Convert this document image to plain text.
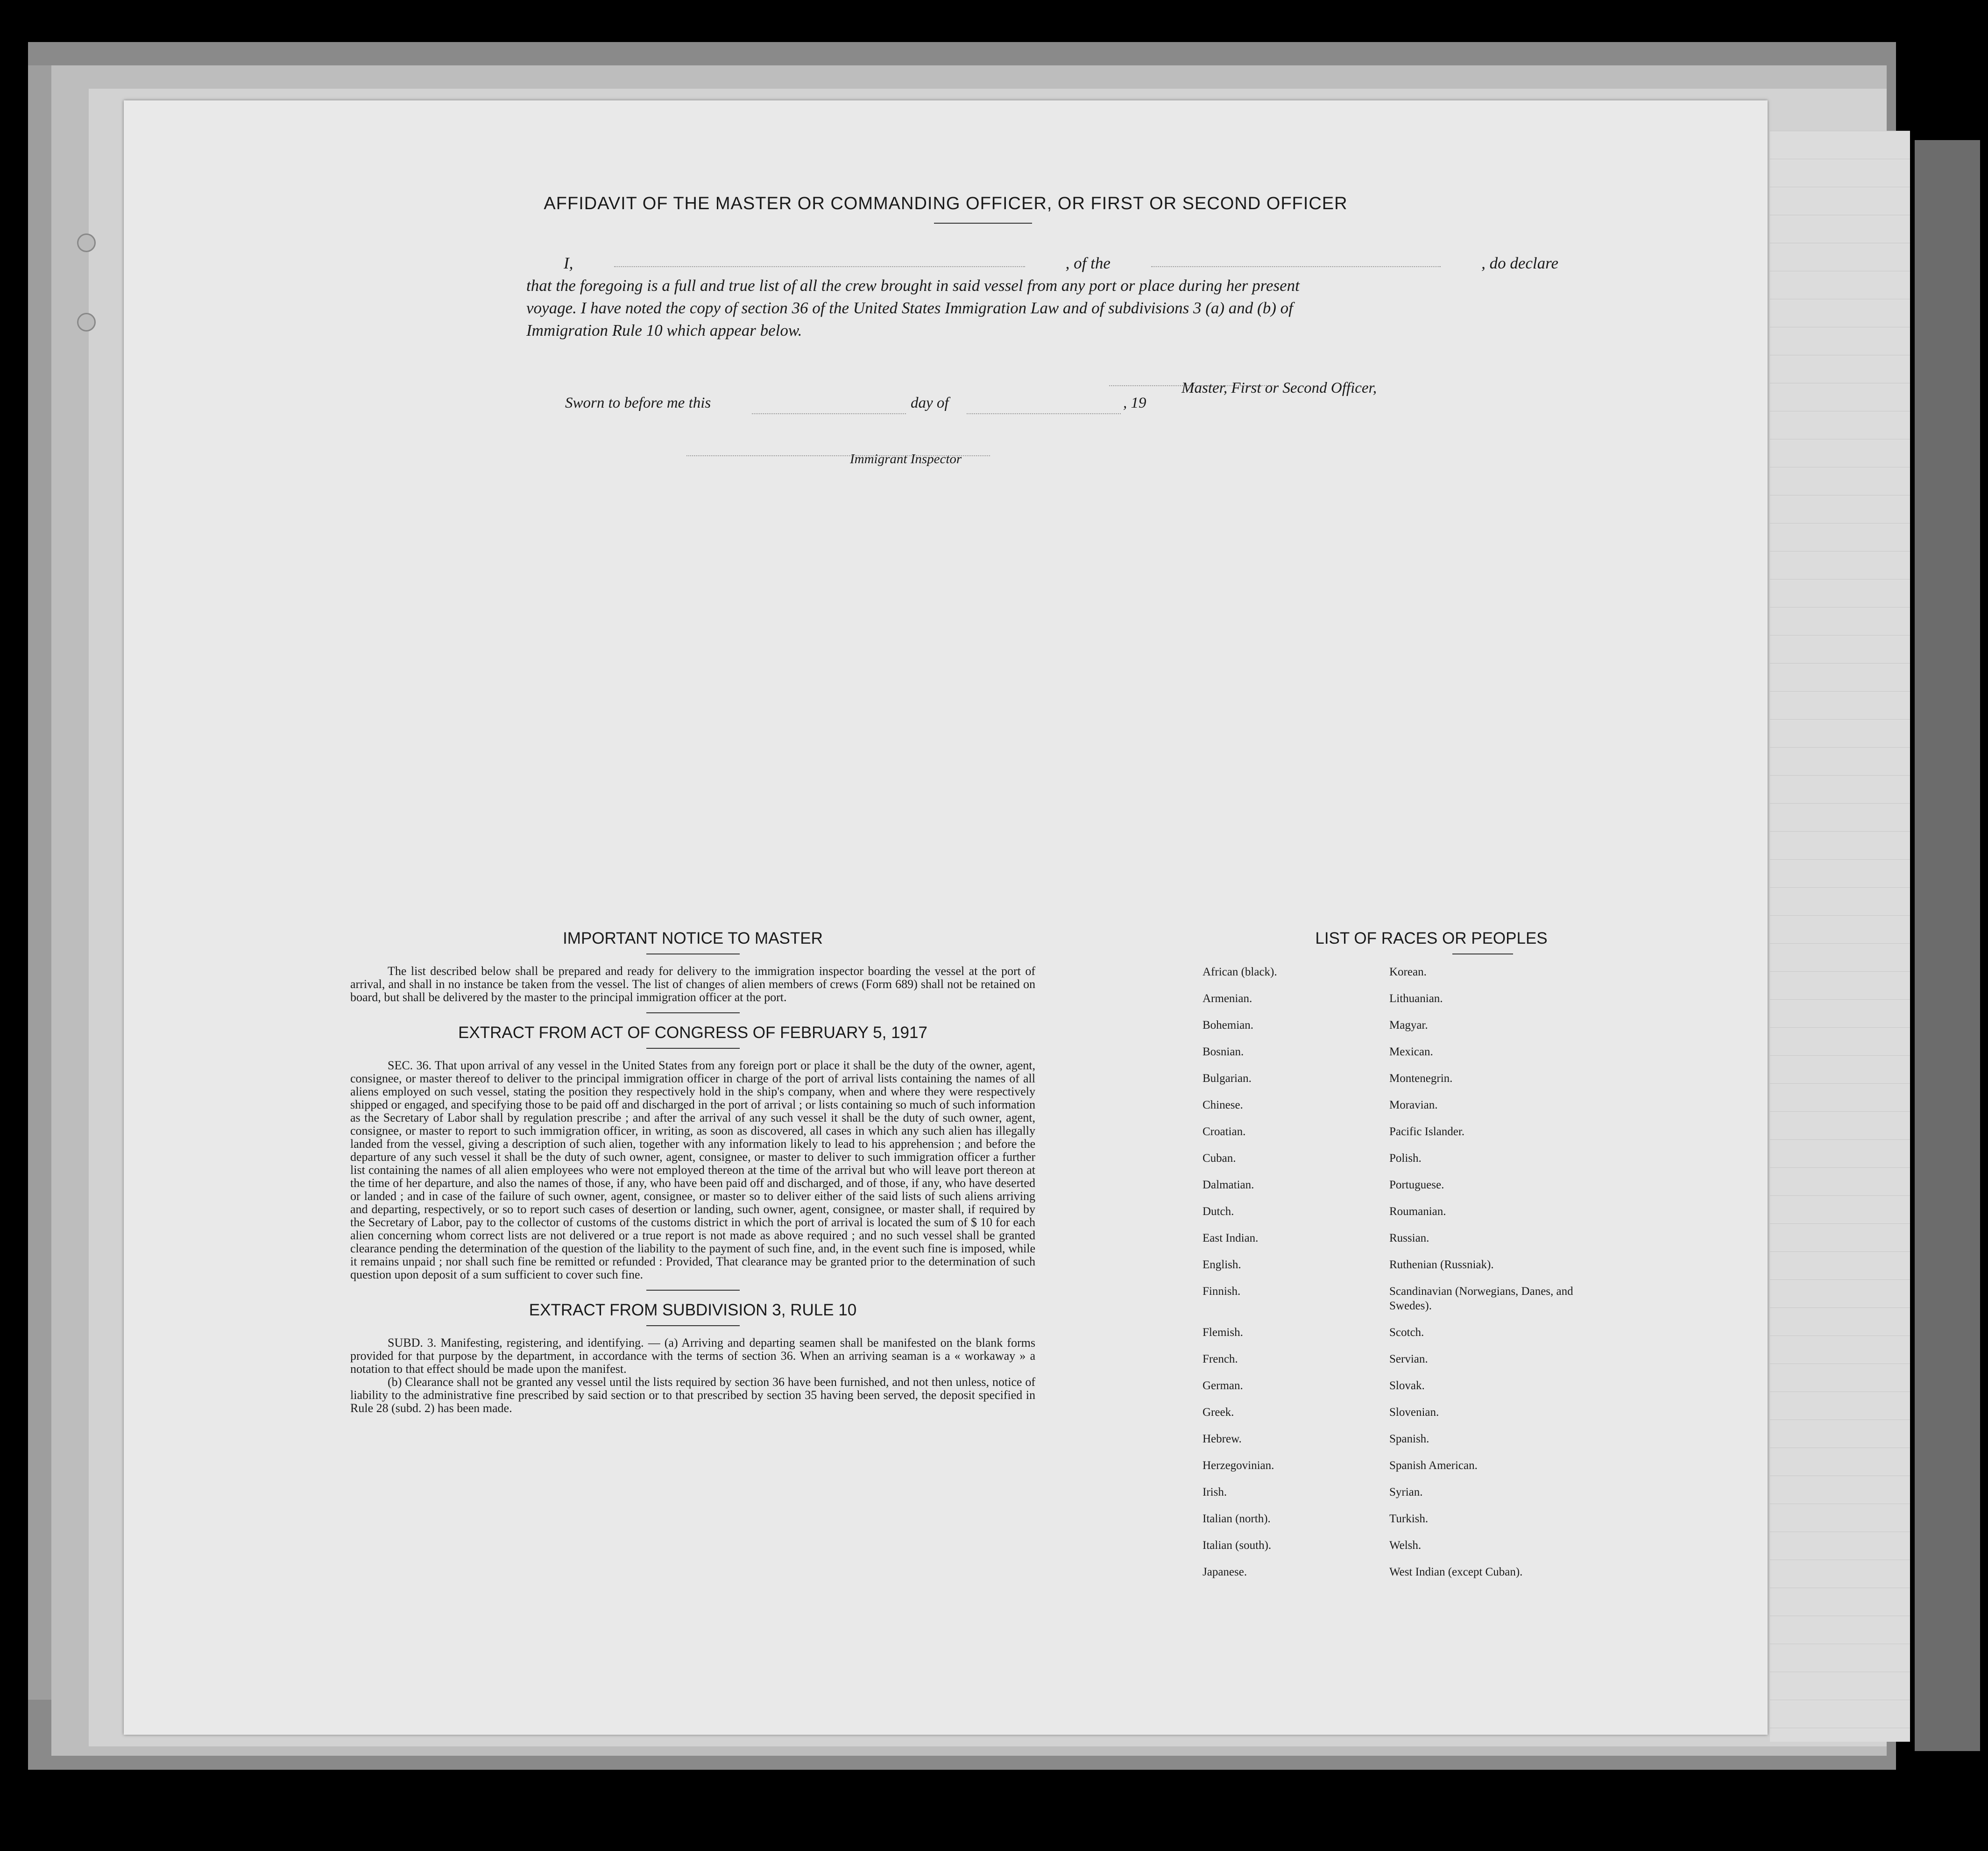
AFFIDAVIT OF THE MASTER OR COMMANDING OFFICER, OR FIRST OR SECOND OFFICER
I,	, of the	, do declare
that the foregoing is a full and true list of all the crew brought in said vessel from any port or place during her present
voyage. I have noted the copy of section 36 of the United States Immigration Law and of subdivisions 3 (a) and (b) of
Immigration Rule 10 which appear below.
Master, First or Second Officer,
Sworn to before me this	day of	, 19
Immigrant Inspector
IMPORTANT NOTICE TO MASTER

The list described below shall be prepared and ready for delivery to the immigration inspector boarding the vessel at the port of arrival, and shall in no instance be taken from the vessel. The list of changes of alien members of crews (Form 689) shall not be retained on board, but shall be delivered by the master to the principal immigration officer at the port.

EXTRACT FROM ACT OF CONGRESS OF FEBRUARY 5, 1917

SEC. 36. That upon arrival of any vessel in the United States from any foreign port or place it shall be the duty of the owner, agent, consignee, or master thereof to deliver to the principal immigration officer in charge of the port of arrival lists containing the names of all aliens employed on such vessel, stating the position they respectively hold in the ship's company, when and where they were respectively shipped or engaged, and specifying those to be paid off and discharged in the port of arrival ; or lists containing so much of such information as the Secretary of Labor shall by regulation prescribe ; and after the arrival of any such vessel it shall be the duty of such owner, agent, consignee, or master to report to such immigration officer, in writing, as soon as discovered, all cases in which any such alien has illegally landed from the vessel, giving a description of such alien, together with any information likely to lead to his apprehension ; and before the departure of any such vessel it shall be the duty of such owner, agent, consignee, or master to deliver to such immigration officer a further list containing the names of all alien employees who were not employed thereon at the time of the arrival but who will leave port thereon at the time of her departure, and also the names of those, if any, who have been paid off and discharged, and of those, if any, who have deserted or landed ; and in case of the failure of such owner, agent, consignee, or master so to deliver either of the said lists of such aliens arriving and departing, respectively, or so to report such cases of desertion or landing, such owner, agent, consignee, or master shall, if required by the Secretary of Labor, pay to the collector of customs of the customs district in which the port of arrival is located the sum of $ 10 for each alien concerning whom correct lists are not delivered or a true report is not made as above required ; and no such vessel shall be granted clearance pending the determination of the question of the liability to the payment of such fine, and, in the event such fine is imposed, while it remains unpaid ; nor shall such fine be remitted or refunded : Provided, That clearance may be granted prior to the determination of such question upon deposit of a sum sufficient to cover such fine.

EXTRACT FROM SUBDIVISION 3, RULE 10

SUBD. 3. Manifesting, registering, and identifying. — (a) Arriving and departing seamen shall be manifested on the blank forms provided for that purpose by the department, in accordance with the terms of section 36. When an arriving seaman is a « workaway » a notation to that effect should be made upon the manifest.

(b) Clearance shall not be granted any vessel until the lists required by section 36 have been furnished, and not then unless, notice of liability to the administrative fine prescribed by said section or to that prescribed by section 35 having been served, the deposit specified in Rule 28 (subd. 2) has been made.

LIST OF RACES OR PEOPLES
African (black).	Korean.
Armenian.	Lithuanian.
Bohemian.	Magyar.
Bosnian.	Mexican.
Bulgarian.	Montenegrin.
Chinese.	Moravian.
Croatian.	Pacific Islander.
Cuban.	Polish.
Dalmatian.	Portuguese.
Dutch.	Roumanian.
East Indian.	Russian.
English.	Ruthenian (Russniak).
Finnish.	Scandinavian (Norwegians, Danes, and Swedes).
Flemish.	Scotch.
French.	Servian.
German.	Slovak.
Greek.	Slovenian.
Hebrew.	Spanish.
Herzegovinian.	Spanish American.
Irish.	Syrian.
Italian (north).	Turkish.
Italian (south).	Welsh.
Japanese.	West Indian (except Cuban).
